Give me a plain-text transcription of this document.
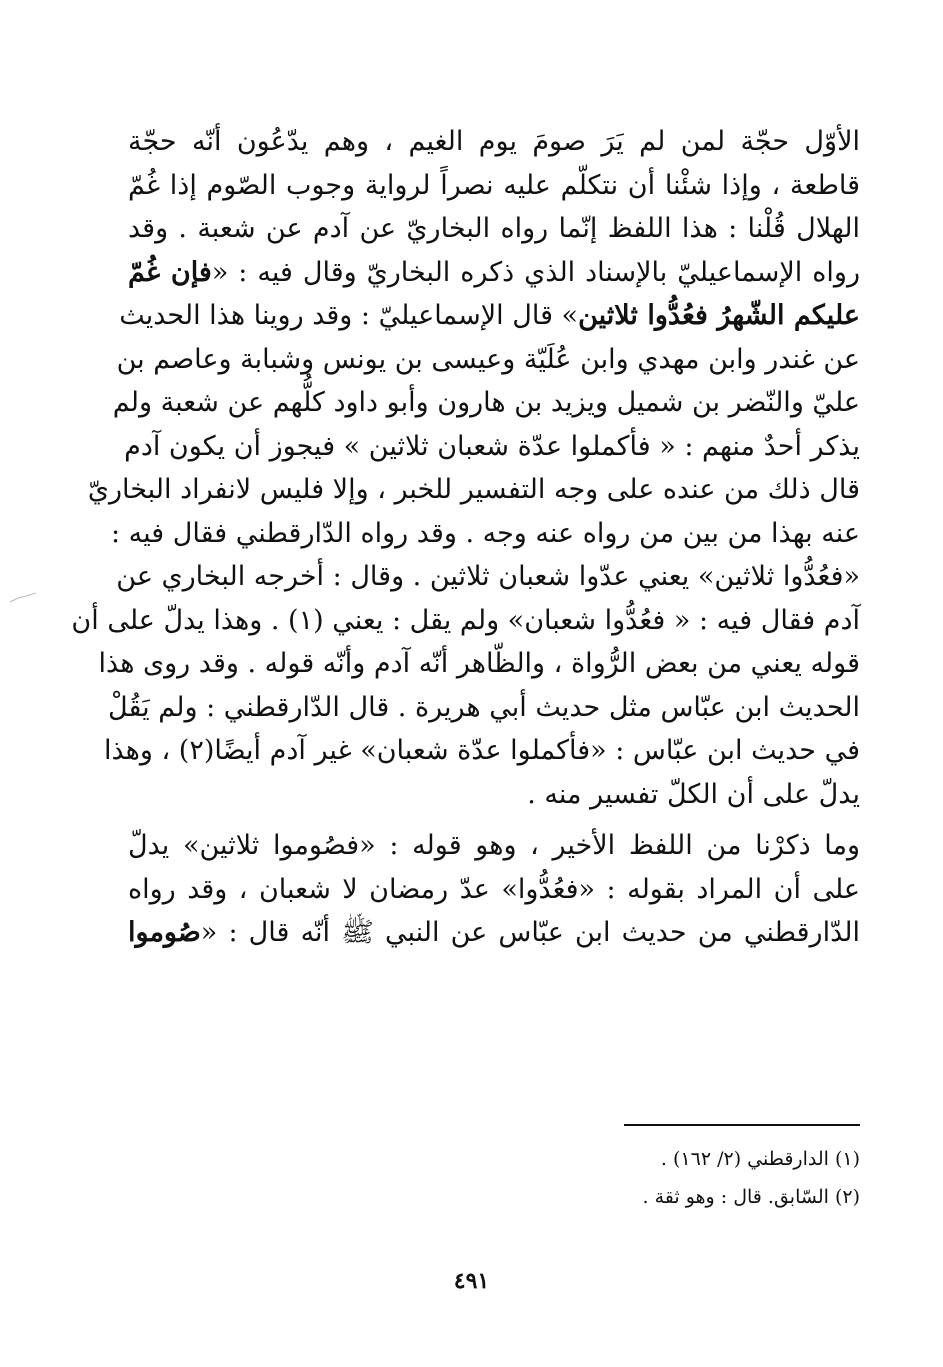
الأوّل حجّة لمن لم يَرَ صومَ يوم الغيم ، وهم يدّعُون أنّه حجّة
قاطعة ، وإذا شئْنا أن نتكلّم عليه نصراً لرواية وجوب الصّوم إذا غُمّ
الهلال قُلْنا : هذا اللفظ إنّما رواه البخاريّ عن آدم عن شعبة . وقد
رواه الإسماعيليّ بالإسناد الذي ذكره البخاريّ وقال فيه : «فإن غُمّ
عليكم الشّهرُ فعُدُّوا ثلاثين» قال الإسماعيليّ : وقد روينا هذا الحديث
عن غندر وابن مهدي وابن عُلَيّة وعيسى بن يونس وشبابة وعاصم بن
عليّ والنّضر بن شميل ويزيد بن هارون وأبو داود كلُّهم عن شعبة ولم
يذكر أحدٌ منهم : « فأكملوا عدّة شعبان ثلاثين » فيجوز أن يكون آدم
قال ذلك من عنده على وجه التفسير للخبر ، وإلا فليس لانفراد البخاريّ
عنه بهذا من بين من رواه عنه وجه . وقد رواه الدّارقطني فقال فيه :
«فعُدُّوا ثلاثين» يعني عدّوا شعبان ثلاثين . وقال : أخرجه البخاري عن
آدم فقال فيه : « فعُدُّوا شعبان» ولم يقل : يعني (١) . وهذا يدلّ على أن
قوله يعني من بعض الرُّواة ، والظّاهر أنّه آدم وأنّه قوله . وقد روى هذا
الحديث ابن عبّاس مثل حديث أبي هريرة . قال الدّارقطني : ولم يَقُلْ
في حديث ابن عبّاس : «فأكملوا عدّة شعبان» غير آدم أيضًا(٢) ، وهذا
يدلّ على أن الكلّ تفسير منه .
وما ذكرْنا من اللفظ الأخير ، وهو قوله : «فصُوموا ثلاثين» يدلّ
على أن المراد بقوله : «فعُدُّوا» عدّ رمضان لا شعبان ، وقد رواه
الدّارقطني من حديث ابن عبّاس عن النبي ﷺ أنّه قال : «صُوموا
(١) الدارقطني (٢/ ١٦٢) .
(٢) السّابق. قال : وهو ثقة .
٤٩١
